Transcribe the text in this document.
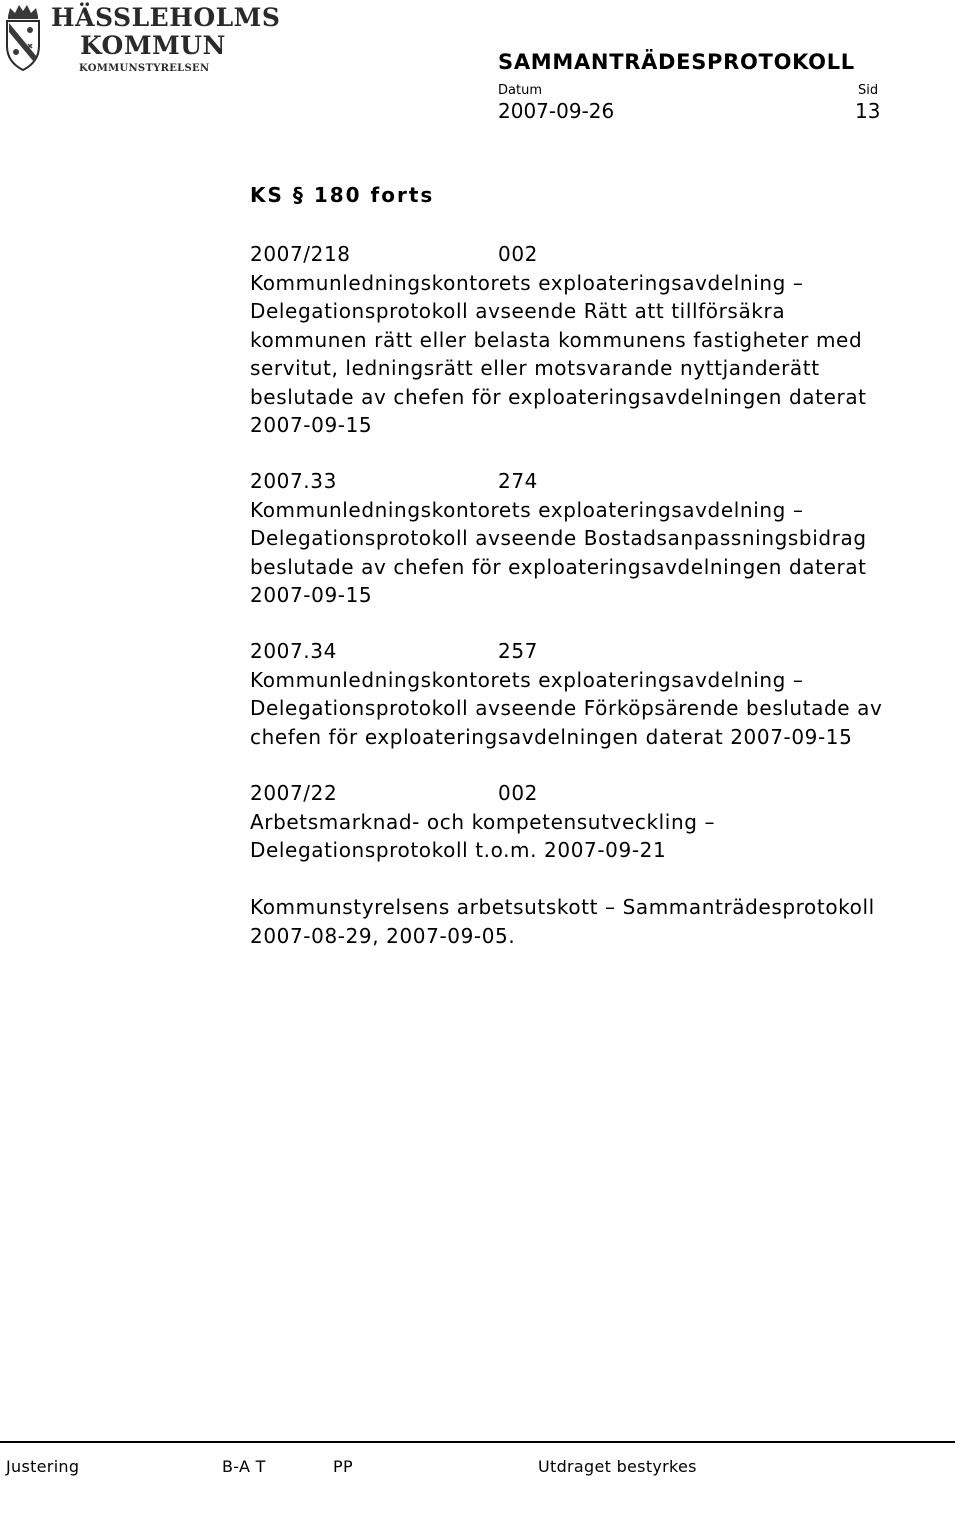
HÄSSLEHOLMS
KOMMUN
KOMMUNSTYRELSEN	SAMMANTRÄDESPROTOKOLL
Datum	Sid
2007-09-26	13
KS § 180 forts
2007/218	002
Kommunledningskontorets exploateringsavdelning –
Delegationsprotokoll avseende Rätt att tillförsäkra
kommunen rätt eller belasta kommunens fastigheter med
servitut, ledningsrätt eller motsvarande nyttjanderätt
beslutade av chefen för exploateringsavdelningen daterat
2007-09-15
2007.33	274
Kommunledningskontorets exploateringsavdelning –
Delegationsprotokoll avseende Bostadsanpassningsbidrag
beslutade av chefen för exploateringsavdelningen daterat
2007-09-15
2007.34	257
Kommunledningskontorets exploateringsavdelning –
Delegationsprotokoll avseende Förköpsärende beslutade av
chefen för exploateringsavdelningen daterat 2007-09-15
2007/22	002
Arbetsmarknad- och kompetensutveckling –
Delegationsprotokoll t.o.m. 2007-09-21
Kommunstyrelsens arbetsutskott – Sammanträdesprotokoll
2007-08-29, 2007-09-05.
Justering	B-A T	PP	Utdraget bestyrkes
